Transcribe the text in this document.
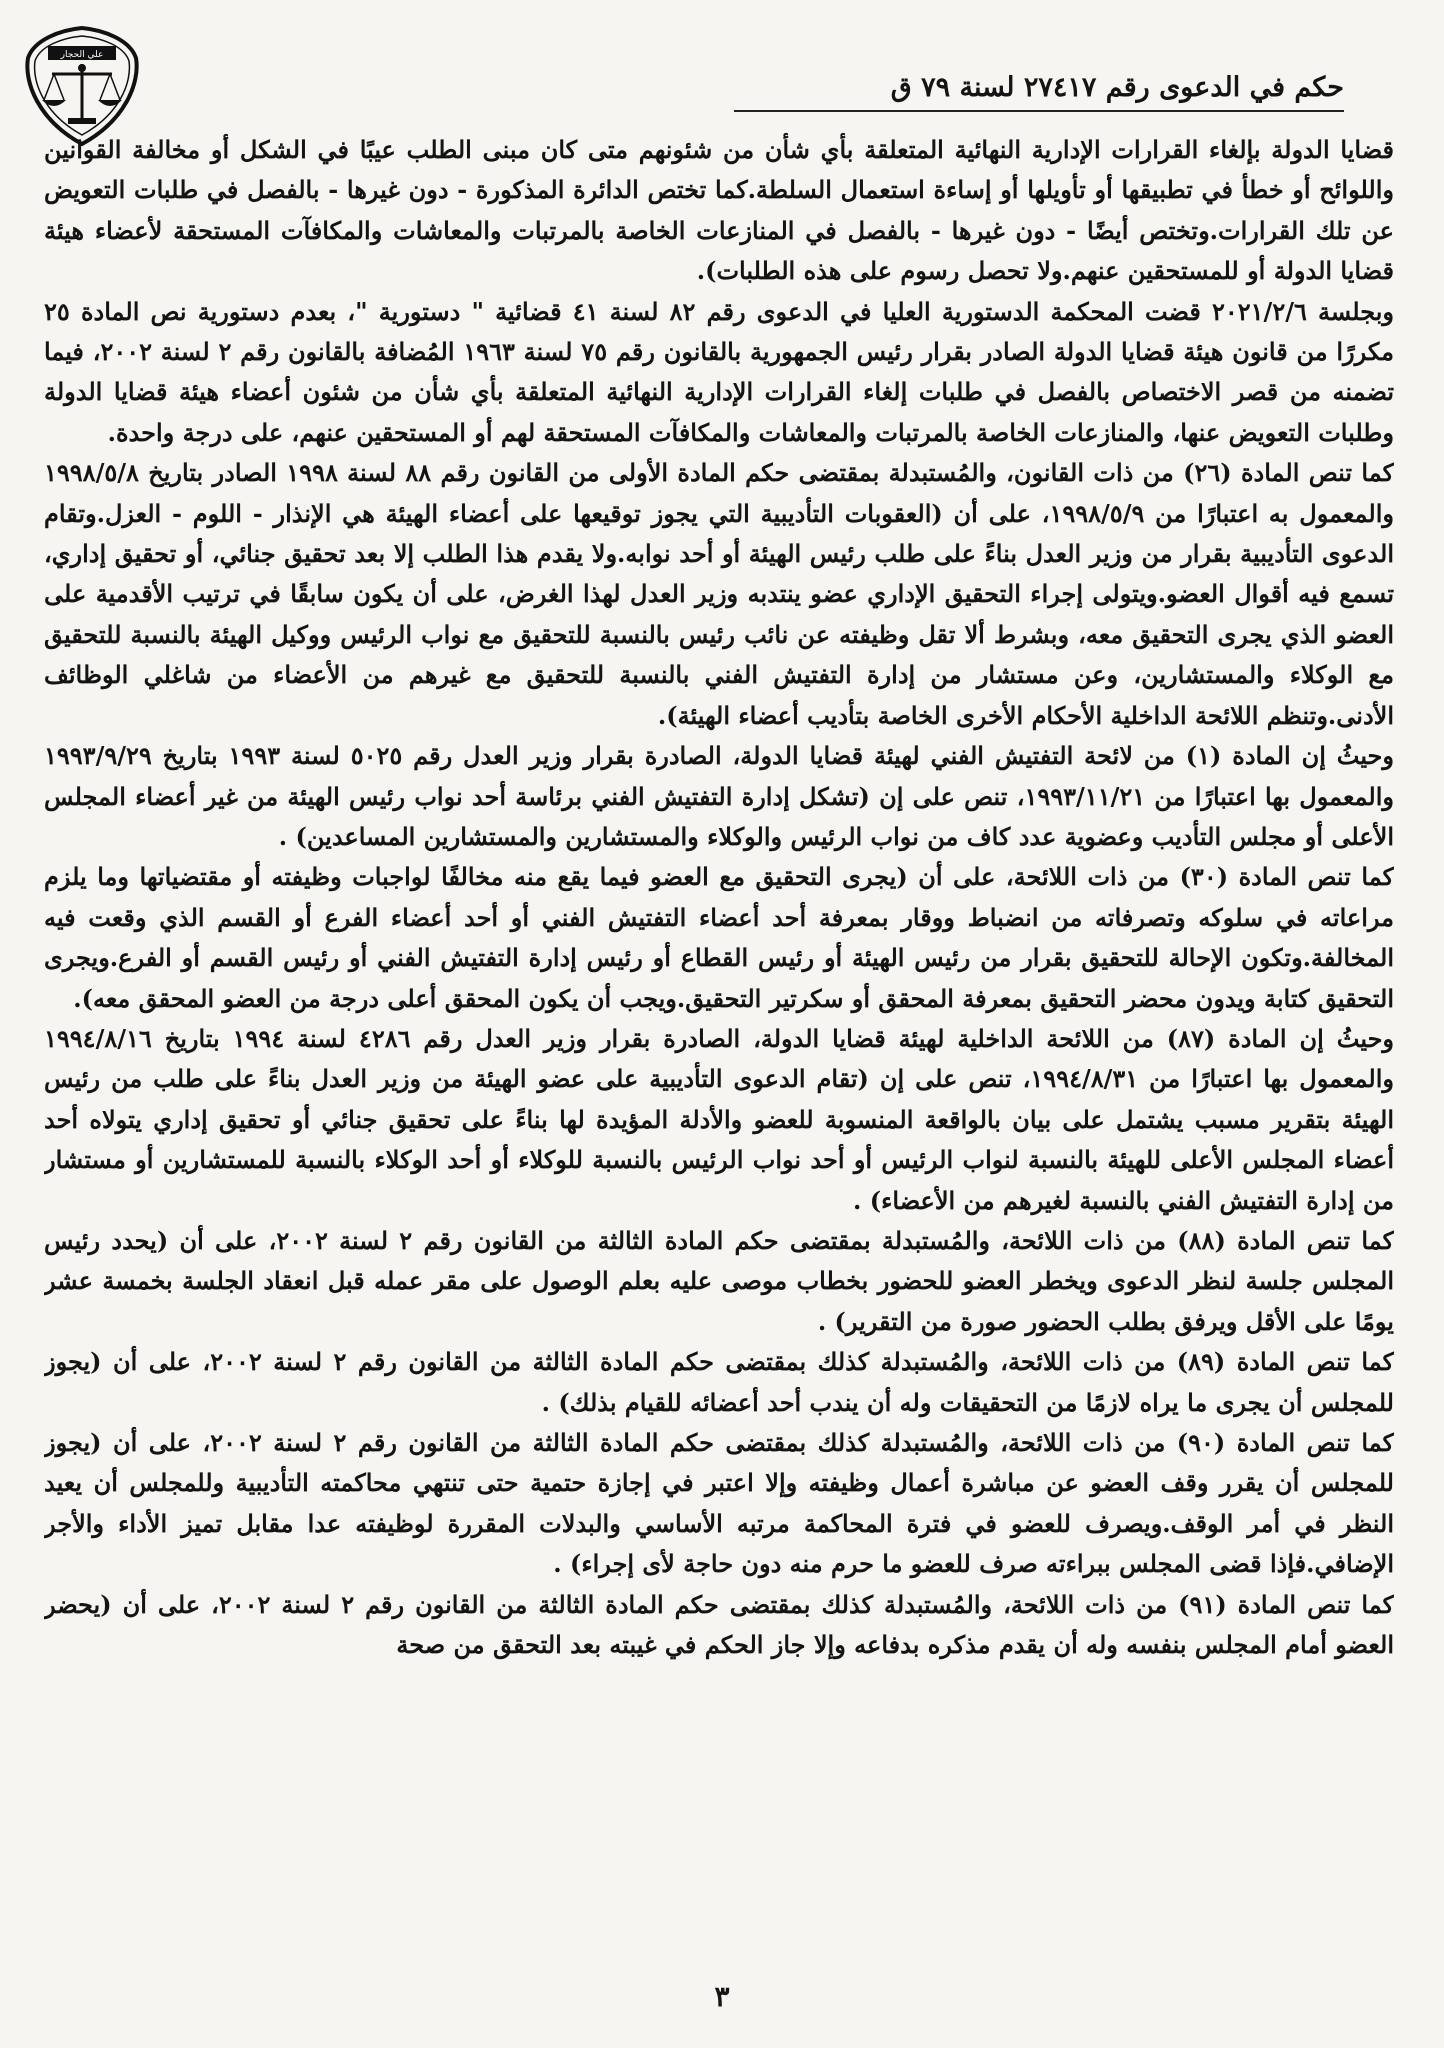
علي الحجار
حكم في الدعوى رقم ٢٧٤١٧ لسنة ٧٩ ق

قضايا الدولة بإلغاء القرارات الإدارية النهائية المتعلقة بأي شأن من شئونهم متى كان مبنى الطلب عيبًا في الشكل أو مخالفة القوانين واللوائح أو خطأ في تطبيقها أو تأويلها أو إساءة استعمال السلطة.كما تختص الدائرة المذكورة - دون غيرها - بالفصل في طلبات التعويض عن تلك القرارات.وتختص أيضًا - دون غيرها - بالفصل في المنازعات الخاصة بالمرتبات والمعاشات والمكافآت المستحقة لأعضاء هيئة قضايا الدولة أو للمستحقين عنهم.ولا تحصل رسوم على هذه الطلبات).

وبجلسة ٢٠٢١/٢/٦ قضت المحكمة الدستورية العليا في الدعوى رقم ٨٢ لسنة ٤١ قضائية " دستورية "، بعدم دستورية نص المادة ٢٥ مكررًا من قانون هيئة قضايا الدولة الصادر بقرار رئيس الجمهورية بالقانون رقم ٧٥ لسنة ١٩٦٣ المُضافة بالقانون رقم ٢ لسنة ٢٠٠٢، فيما تضمنه من قصر الاختصاص بالفصل في طلبات إلغاء القرارات الإدارية النهائية المتعلقة بأي شأن من شئون أعضاء هيئة قضايا الدولة وطلبات التعويض عنها، والمنازعات الخاصة بالمرتبات والمعاشات والمكافآت المستحقة لهم أو المستحقين عنهم، على درجة واحدة.

كما تنص المادة (٢٦) من ذات القانون، والمُستبدلة بمقتضى حكم المادة الأولى من القانون رقم ٨٨ لسنة ١٩٩٨ الصادر بتاريخ ١٩٩٨/٥/٨ والمعمول به اعتبارًا من ١٩٩٨/٥/٩، على أن (العقوبات التأديبية التي يجوز توقيعها على أعضاء الهيئة هي الإنذار - اللوم - العزل.وتقام الدعوى التأديبية بقرار من وزير العدل بناءً على طلب رئيس الهيئة أو أحد نوابه.ولا يقدم هذا الطلب إلا بعد تحقيق جنائي، أو تحقيق إداري، تسمع فيه أقوال العضو.ويتولى إجراء التحقيق الإداري عضو ينتدبه وزير العدل لهذا الغرض، على أن يكون سابقًا في ترتيب الأقدمية على العضو الذي يجرى التحقيق معه، وبشرط ألا تقل وظيفته عن نائب رئيس بالنسبة للتحقيق مع نواب الرئيس ووكيل الهيئة بالنسبة للتحقيق مع الوكلاء والمستشارين، وعن مستشار من إدارة التفتيش الفني بالنسبة للتحقيق مع غيرهم من الأعضاء من شاغلي الوظائف الأدنى.وتنظم اللائحة الداخلية الأحكام الأخرى الخاصة بتأديب أعضاء الهيئة).

وحيثُ إن المادة (١) من لائحة التفتيش الفني لهيئة قضايا الدولة، الصادرة بقرار وزير العدل رقم ٥٠٢٥ لسنة ١٩٩٣ بتاريخ ١٩٩٣/٩/٢٩ والمعمول بها اعتبارًا من ١٩٩٣/١١/٢١، تنص على إن (تشكل إدارة التفتيش الفني برئاسة أحد نواب رئيس الهيئة من غير أعضاء المجلس الأعلى أو مجلس التأديب وعضوية عدد كاف من نواب الرئيس والوكلاء والمستشارين والمستشارين المساعدين) .

كما تنص المادة (٣٠) من ذات اللائحة، على أن (يجرى التحقيق مع العضو فيما يقع منه مخالفًا لواجبات وظيفته أو مقتضياتها وما يلزم مراعاته في سلوكه وتصرفاته من انضباط ووقار بمعرفة أحد أعضاء التفتيش الفني أو أحد أعضاء الفرع أو القسم الذي وقعت فيه المخالفة.وتكون الإحالة للتحقيق بقرار من رئيس الهيئة أو رئيس القطاع أو رئيس إدارة التفتيش الفني أو رئيس القسم أو الفرع.ويجرى التحقيق كتابة ويدون محضر التحقيق بمعرفة المحقق أو سكرتير التحقيق.ويجب أن يكون المحقق أعلى درجة من العضو المحقق معه).

وحيثُ إن المادة (٨٧) من اللائحة الداخلية لهيئة قضايا الدولة، الصادرة بقرار وزير العدل رقم ٤٢٨٦ لسنة ١٩٩٤ بتاريخ ١٩٩٤/٨/١٦ والمعمول بها اعتبارًا من ١٩٩٤/٨/٣١، تنص على إن (تقام الدعوى التأديبية على عضو الهيئة من وزير العدل بناءً على طلب من رئيس الهيئة بتقرير مسبب يشتمل على بيان بالواقعة المنسوبة للعضو والأدلة المؤيدة لها بناءً على تحقيق جنائي أو تحقيق إداري يتولاه أحد أعضاء المجلس الأعلى للهيئة بالنسبة لنواب الرئيس أو أحد نواب الرئيس بالنسبة للوكلاء أو أحد الوكلاء بالنسبة للمستشارين أو مستشار من إدارة التفتيش الفني بالنسبة لغيرهم من الأعضاء) .

كما تنص المادة (٨٨) من ذات اللائحة، والمُستبدلة بمقتضى حكم المادة الثالثة من القانون رقم ٢ لسنة ٢٠٠٢، على أن (يحدد رئيس المجلس جلسة لنظر الدعوى ويخطر العضو للحضور بخطاب موصى عليه بعلم الوصول على مقر عمله قبل انعقاد الجلسة بخمسة عشر يومًا على الأقل ويرفق بطلب الحضور صورة من التقرير) .

كما تنص المادة (٨٩) من ذات اللائحة، والمُستبدلة كذلك بمقتضى حكم المادة الثالثة من القانون رقم ٢ لسنة ٢٠٠٢، على أن (يجوز للمجلس أن يجرى ما يراه لازمًا من التحقيقات وله أن يندب أحد أعضائه للقيام بذلك) .

كما تنص المادة (٩٠) من ذات اللائحة، والمُستبدلة كذلك بمقتضى حكم المادة الثالثة من القانون رقم ٢ لسنة ٢٠٠٢، على أن (يجوز للمجلس أن يقرر وقف العضو عن مباشرة أعمال وظيفته وإلا اعتبر في إجازة حتمية حتى تنتهي محاكمته التأديبية وللمجلس أن يعيد النظر في أمر الوقف.ويصرف للعضو في فترة المحاكمة مرتبه الأساسي والبدلات المقررة لوظيفته عدا مقابل تميز الأداء والأجر الإضافي.فإذا قضى المجلس ببراءته صرف للعضو ما حرم منه دون حاجة لأى إجراء) .

كما تنص المادة (٩١) من ذات اللائحة، والمُستبدلة كذلك بمقتضى حكم المادة الثالثة من القانون رقم ٢ لسنة ٢٠٠٢، على أن (يحضر العضو أمام المجلس بنفسه وله أن يقدم مذكره بدفاعه وإلا جاز الحكم في غيبته بعد التحقق من صحة

٣
